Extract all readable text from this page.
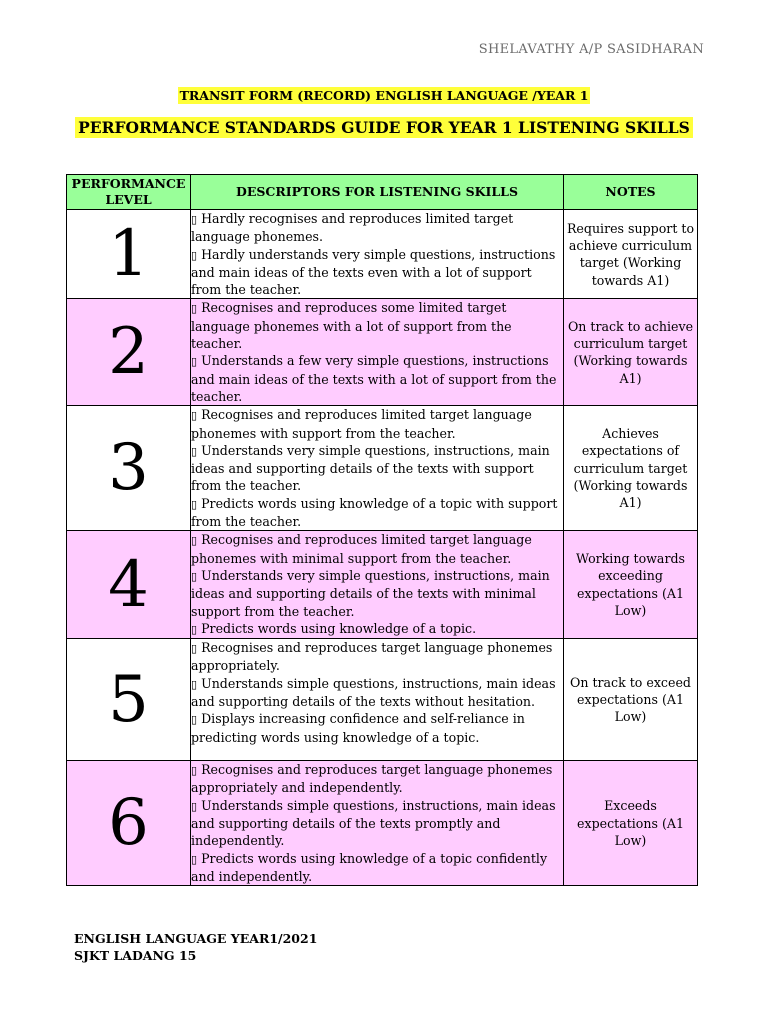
SHELAVATHY A/P SASIDHARAN
TRANSIT FORM (RECORD) ENGLISH LANGUAGE /YEAR 1
PERFORMANCE STANDARDS GUIDE FOR YEAR 1 LISTENING SKILLS
PERFORMANCE LEVEL	DESCRIPTORS FOR LISTENING SKILLS	NOTES
1	▯ Hardly recognises and reproduces limited target language phonemes.
▯ Hardly understands very simple questions, instructions and main ideas of the texts even with a lot of support from the teacher.	Requires support to achieve curriculum target (Working towards A1)
2	▯ Recognises and reproduces some limited target language phonemes with a lot of support from the teacher.
▯ Understands a few very simple questions, instructions and main ideas of the texts with a lot of support from the teacher.	On track to achieve curriculum target (Working towards A1)
3	▯ Recognises and reproduces limited target language phonemes with support from the teacher.
▯ Understands very simple questions, instructions, main ideas and supporting details of the texts with support from the teacher.
▯ Predicts words using knowledge of a topic with support from the teacher.	Achieves expectations of curriculum target (Working towards A1)
4	▯ Recognises and reproduces limited target language phonemes with minimal support from the teacher.
▯ Understands very simple questions, instructions, main ideas and supporting details of the texts with minimal support from the teacher.
▯ Predicts words using knowledge of a topic.	Working towards exceeding expectations (A1 Low)
5	▯ Recognises and reproduces target language phonemes appropriately.
▯ Understands simple questions, instructions, main ideas and supporting details of the texts without hesitation.
▯ Displays increasing confidence and self-reliance in predicting words using knowledge of a topic.	On track to exceed expectations (A1 Low)
6	▯ Recognises and reproduces target language phonemes appropriately and independently.
▯ Understands simple questions, instructions, main ideas and supporting details of the texts promptly and independently.
▯ Predicts words using knowledge of a topic confidently and independently.	Exceeds expectations (A1 Low)
ENGLISH LANGUAGE YEAR1/2021
SJKT LADANG 15
